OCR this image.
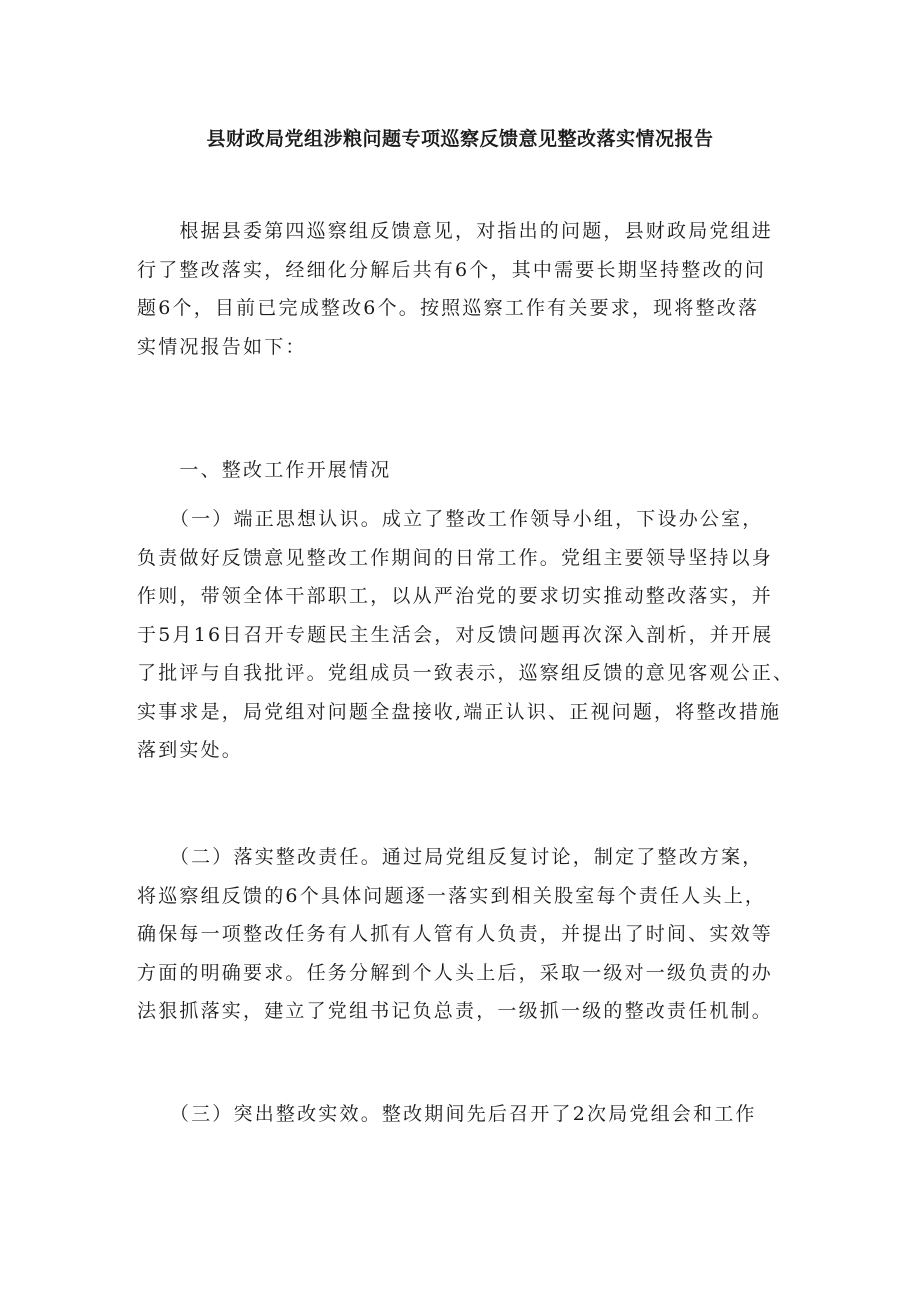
县财政局党组涉粮问题专项巡察反馈意见整改落实情况报告
　　根据县委第四巡察组反馈意见，对指出的问题，县财政局党组进
行了整改落实，经细化分解后共有6个，其中需要长期坚持整改的问
题6个，目前已完成整改6个。按照巡察工作有关要求，现将整改落
实情况报告如下：
　　一、整改工作开展情况
　　（一）端正思想认识。成立了整改工作领导小组，下设办公室，
负责做好反馈意见整改工作期间的日常工作。党组主要领导坚持以身
作则，带领全体干部职工，以从严治党的要求切实推动整改落实，并
于5月16日召开专题民主生活会，对反馈问题再次深入剖析，并开展
了批评与自我批评。党组成员一致表示，巡察组反馈的意见客观公正、
实事求是，局党组对问题全盘接收,端正认识、正视问题，将整改措施
落到实处。
　　（二）落实整改责任。通过局党组反复讨论，制定了整改方案，
将巡察组反馈的6个具体问题逐一落实到相关股室每个责任人头上，
确保每一项整改任务有人抓有人管有人负责，并提出了时间、实效等
方面的明确要求。任务分解到个人头上后，采取一级对一级负责的办
法狠抓落实，建立了党组书记负总责，一级抓一级的整改责任机制。
　　（三）突出整改实效。整改期间先后召开了2次局党组会和工作
